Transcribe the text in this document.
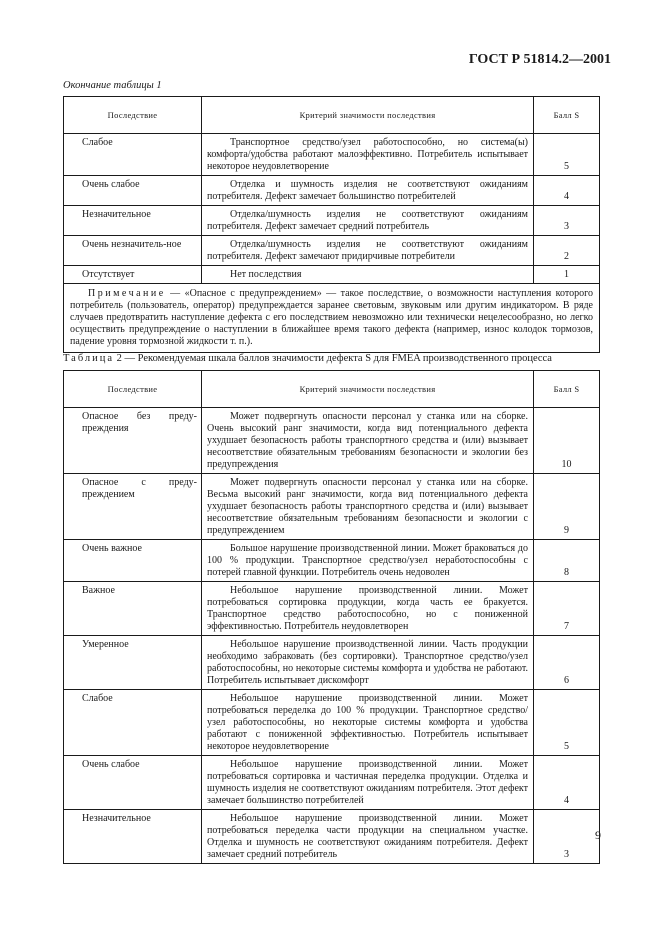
ГОСТ Р 51814.2—2001
Окончание таблицы 1
Последствие	Критерий значимости последствия	Балл S
Слабое	Транспортное средство/узел работоспособно, но система(ы) комфорта/удобства работают малоэффективно. Потребитель испытывает некоторое неудовлетворение	5
Очень слабое	Отделка и шумность изделия не соответствуют ожиданиям потребителя. Дефект замечает большинство потребителей	4
Незначительное	Отделка/шумность изделия не соответствуют ожиданиям потребителя. Дефект замечает средний потребитель	3
Очень незначитель-ное	Отделка/шумность изделия не соответствуют ожиданиям потребителя. Дефект замечают придирчивые потребители	2
Отсутствует	Нет последствия	1
Примечание — «Опасное с предупреждением» — такое последствие, о возможности наступления которого потребитель (пользователь, оператор) предупреждается заранее световым, звуковым или другим индикатором. В ряде случаев предотвратить наступление дефекта с его последствием невозможно или технически нецелесообразно, но легко осуществить предупреждение о наступлении в ближайшее время такого дефекта (например, износ колодок тормозов, падение уровня тормозной жидкости т. п.).		
Таблица 2 — Рекомендуемая шкала баллов значимости дефекта S для FMEA производственного процесса
Последствие	Критерий значимости последствия	Балл S
Опасное без преду-преждения	Может подвергнуть опасности персонал у станка или на сборке. Очень высокий ранг значимости, когда вид потенциального дефекта ухудшает безопасность работы транспортного средства и (или) вызывает несоответствие обязательным требованиям безопасности и экологии без предупреждения	10
Опасное с преду-преждением	Может подвергнуть опасности персонал у станка или на сборке. Весьма высокий ранг значимости, когда вид потенциального дефекта ухудшает безопасность работы транспортного средства и (или) вызывает несоответствие обязательным требованиям безопасности и экологии с предупреждением	9
Очень важное	Большое нарушение производственной линии. Может браковаться до 100 % продукции. Транспортное средство/узел неработоспособны с потерей главной функции. Потребитель очень недоволен	8
Важное	Небольшое нарушение производственной линии. Может потребоваться сортировка продукции, когда часть ее бракуется. Транспортное средство работоспособно, но с пониженной эффективностью. Потребитель неудовлетворен	7
Умеренное	Небольшое нарушение производственной линии. Часть продукции необходимо забраковать (без сортировки). Транспортное средство/узел работоспособны, но некоторые системы комфорта и удобства не работают. Потребитель испытывает дискомфорт	6
Слабое	Небольшое нарушение производственной линии. Может потребоваться переделка до 100 % продукции. Транспортное средство/узел работоспособны, но некоторые системы комфорта и удобства работают с пониженной эффективностью. Потребитель испытывает некоторое неудовлетворение	5
Очень слабое	Небольшое нарушение производственной линии. Может потребоваться сортировка и частичная переделка продукции. Отделка и шумность изделия не соответствуют ожиданиям потребителя. Этот дефект замечает большинство потребителей	4
Незначительное	Небольшое нарушение производственной линии. Может потребоваться переделка части продукции на специальном участке. Отделка и шумность не соответствуют ожиданиям потребителя. Дефект замечает средний потребитель	3
9
